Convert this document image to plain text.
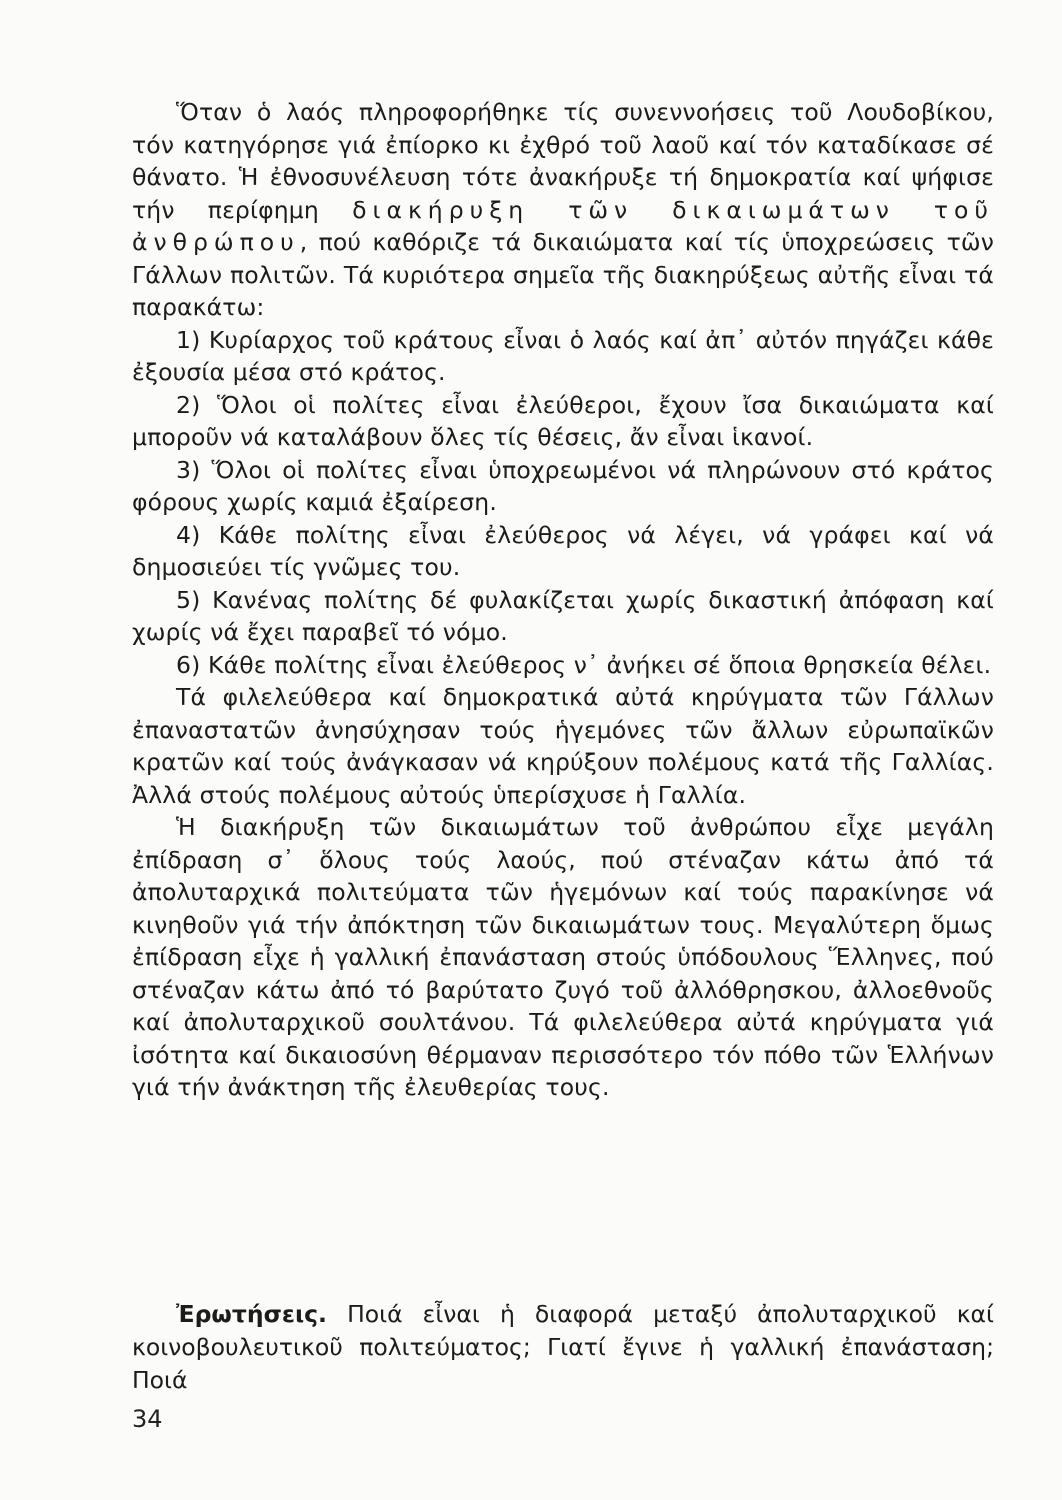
Ὅταν ὁ λαός πληροφορήθηκε τίς συνεννοήσεις τοῦ Λουδοβίκου, τόν κατηγόρησε γιά ἐπίορκο κι ἐχθρό τοῦ λαοῦ καί τόν καταδίκασε σέ θάνατο. Ἡ ἐθνοσυνέλευση τότε ἀνακήρυξε τή δημοκρατία καί ψήφισε τήν περίφημη διακήρυξη τῶν δικαιωμάτων τοῦ ἀνθρώπου, πού καθόριζε τά δικαιώματα καί τίς ὑποχρεώσεις τῶν Γάλλων πολιτῶν. Τά κυριότερα σημεῖα τῆς διακηρύξεως αὐτῆς εἶναι τά παρακάτω:

1) Κυρίαρχος τοῦ κράτους εἶναι ὁ λαός καί ἀπ᾽ αὐτόν πηγάζει κάθε ἐξουσία μέσα στό κράτος.

2) Ὅλοι οἱ πολίτες εἶναι ἐλεύθεροι, ἔχουν ἴσα δικαιώματα καί μποροῦν νά καταλάβουν ὅλες τίς θέσεις, ἄν εἶναι ἱκανοί.

3) Ὅλοι οἱ πολίτες εἶναι ὑποχρεωμένοι νά πληρώνουν στό κράτος φόρους χωρίς καμιά ἐξαίρεση.

4) Κάθε πολίτης εἶναι ἐλεύθερος νά λέγει, νά γράφει καί νά δημοσιεύει τίς γνῶμες του.

5) Κανένας πολίτης δέ φυλακίζεται χωρίς δικαστική ἀπόφαση καί χωρίς νά ἔχει παραβεῖ τό νόμο.

6) Κάθε πολίτης εἶναι ἐλεύθερος ν᾽ ἀνήκει σέ ὅποια θρησκεία θέλει.

Τά φιλελεύθερα καί δημοκρατικά αὐτά κηρύγματα τῶν Γάλλων ἐπαναστατῶν ἀνησύχησαν τούς ἡγεμόνες τῶν ἄλλων εὐρωπαϊκῶν κρατῶν καί τούς ἀνάγκασαν νά κηρύξουν πολέμους κατά τῆς Γαλλίας. Ἀλλά στούς πολέμους αὐτούς ὑπερίσχυσε ἡ Γαλλία.

Ἡ διακήρυξη τῶν δικαιωμάτων τοῦ ἀνθρώπου εἶχε μεγάλη ἐπίδραση σ᾽ ὅλους τούς λαούς, πού στέναζαν κάτω ἀπό τά ἀπολυταρχικά πολιτεύματα τῶν ἡγεμόνων καί τούς παρακίνησε νά κινηθοῦν γιά τήν ἀπόκτηση τῶν δικαιωμάτων τους. Μεγαλύτερη ὅμως ἐπίδραση εἶχε ἡ γαλλική ἐπανάσταση στούς ὑπόδουλους Ἕλληνες, πού στέναζαν κάτω ἀπό τό βαρύτατο ζυγό τοῦ ἀλλόθρησκου, ἀλλοεθνοῦς καί ἀπολυταρχικοῦ σουλτάνου. Τά φιλελεύθερα αὐτά κηρύγματα γιά ἰσότητα καί δικαιοσύνη θέρμαναν περισσότερο τόν πόθο τῶν Ἑλλήνων γιά τήν ἀνάκτηση τῆς ἐλευθερίας τους.

Ἐρωτήσεις. Ποιά εἶναι ἡ διαφορά μεταξύ ἀπολυταρχικοῦ καί κοινοβουλευτικοῦ πολιτεύματος; Γιατί ἔγινε ἡ γαλλική ἐπανάσταση; Ποιά

34
